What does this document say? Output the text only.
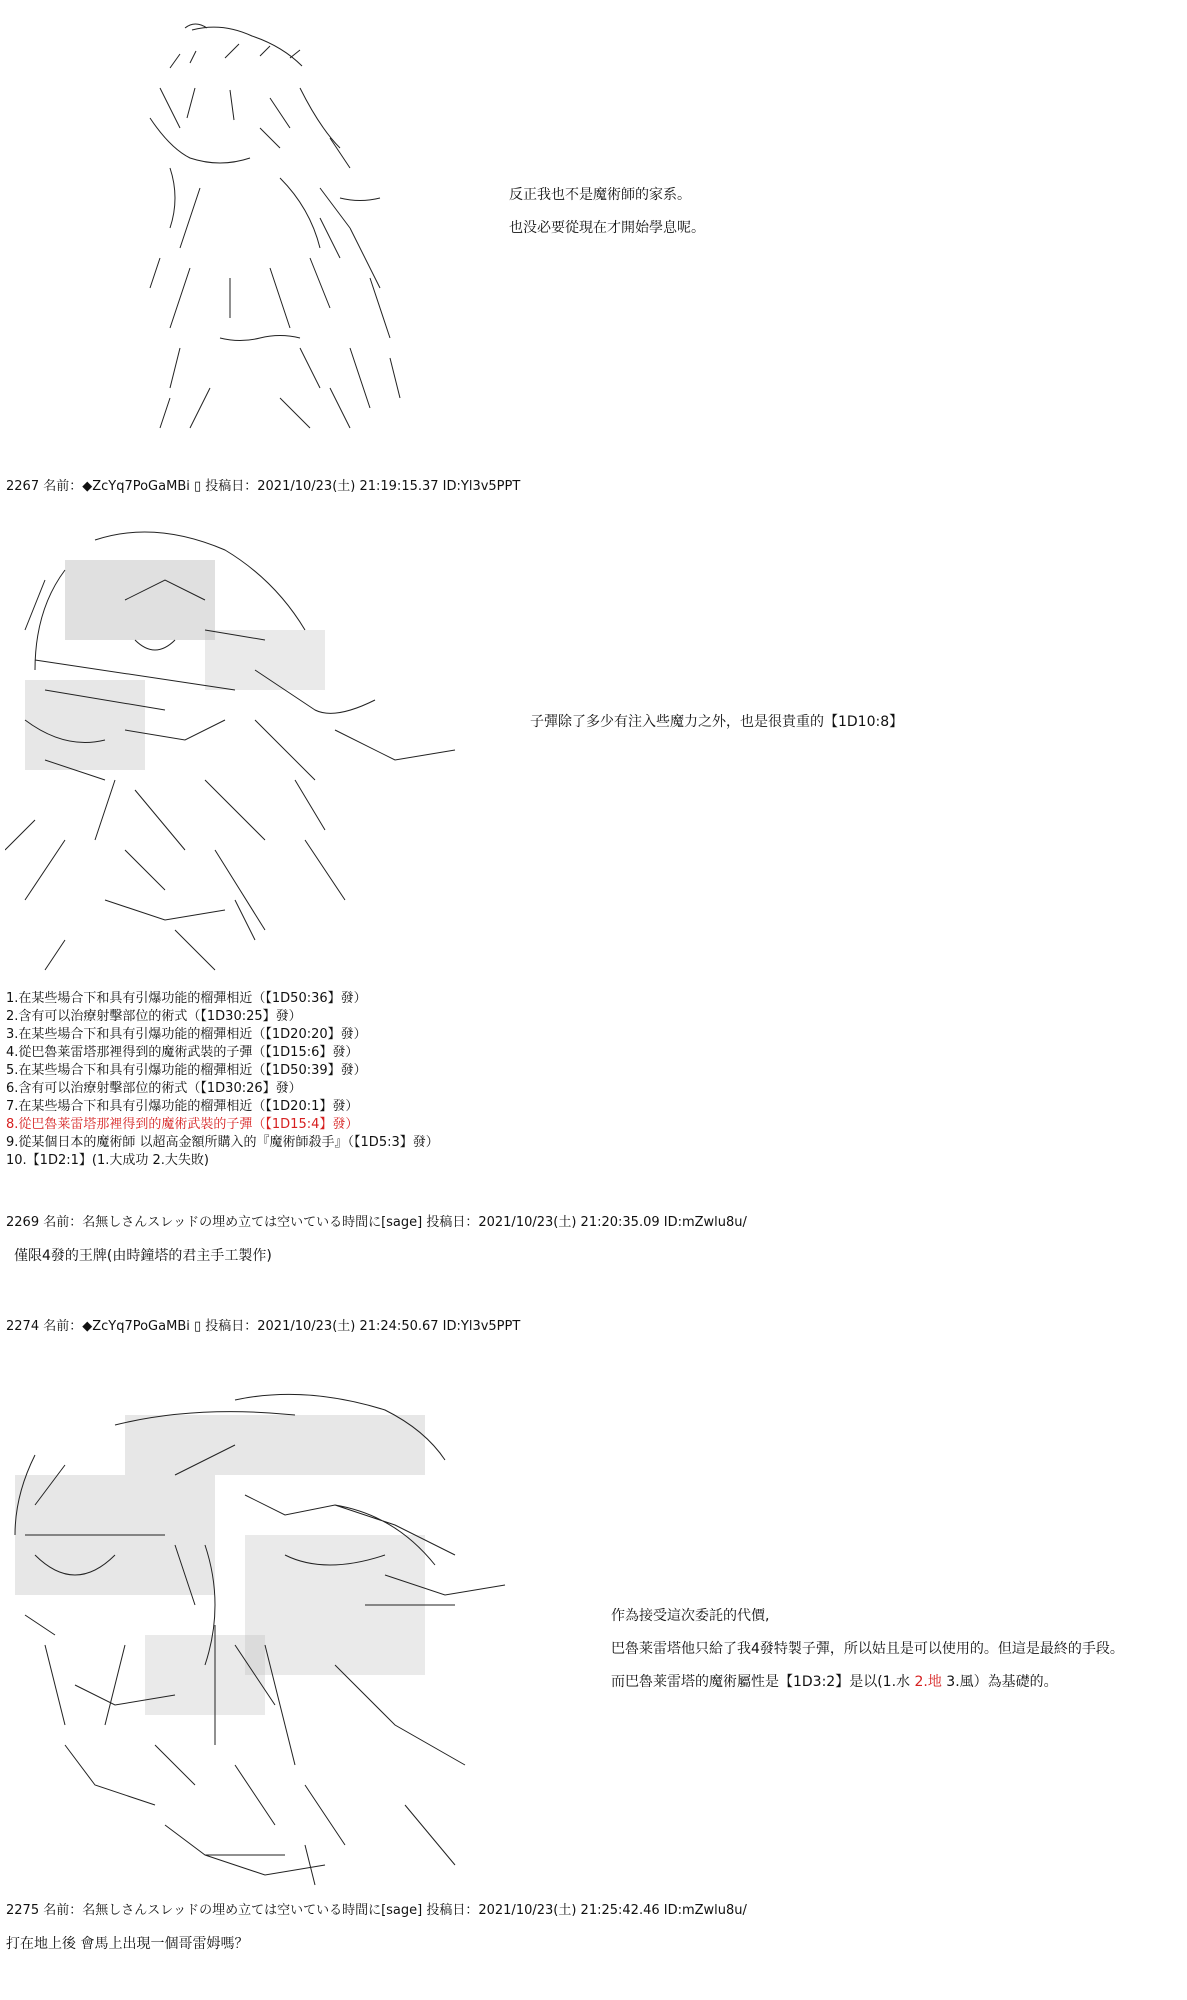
反正我也不是魔術師的家系。
也没必要從現在才開始學息呢。
2267 名前：◆ZcYq7PoGaMBi ▯ 投稿日：2021/10/23(土) 21:19:15.37 ID:Yl3v5PPT
子彈除了多少有注入些魔力之外，也是很貴重的【1D10:8】
1.在某些場合下和具有引爆功能的榴彈相近（【1D50:36】發）
2.含有可以治療射擊部位的術式（【1D30:25】發）
3.在某些場合下和具有引爆功能的榴彈相近（【1D20:20】發）
4.從巴魯莱雷塔那裡得到的魔術武裝的子彈（【1D15:6】發）
5.在某些場合下和具有引爆功能的榴彈相近（【1D50:39】發）
6.含有可以治療射擊部位的術式（【1D30:26】發）
7.在某些場合下和具有引爆功能的榴彈相近（【1D20:1】發）
8.從巴魯莱雷塔那裡得到的魔術武裝的子彈（【1D15:4】發）
9.從某個日本的魔術師 以超高金額所購入的『魔術師殺手』（【1D5:3】發）
10.【1D2:1】(1.大成功 2.大失敗)
2269 名前：名無しさんスレッドの埋め立ては空いている時間に[sage] 投稿日：2021/10/23(土) 21:20:35.09 ID:mZwlu8u/
僅限4發的王牌(由時鐘塔的君主手工製作)
2274 名前：◆ZcYq7PoGaMBi ▯ 投稿日：2021/10/23(土) 21:24:50.67 ID:Yl3v5PPT
作為接受這次委託的代價,
巴魯莱雷塔他只給了我4發特製子彈，所以姑且是可以使用的。但這是最終的手段。
而巴魯莱雷塔的魔術屬性是【1D3:2】是以(1.水 2.地 3.風）為基礎的。
2275 名前：名無しさんスレッドの埋め立ては空いている時間に[sage] 投稿日：2021/10/23(土) 21:25:42.46 ID:mZwlu8u/
打在地上後 會馬上出現一個哥雷姆嗎？
